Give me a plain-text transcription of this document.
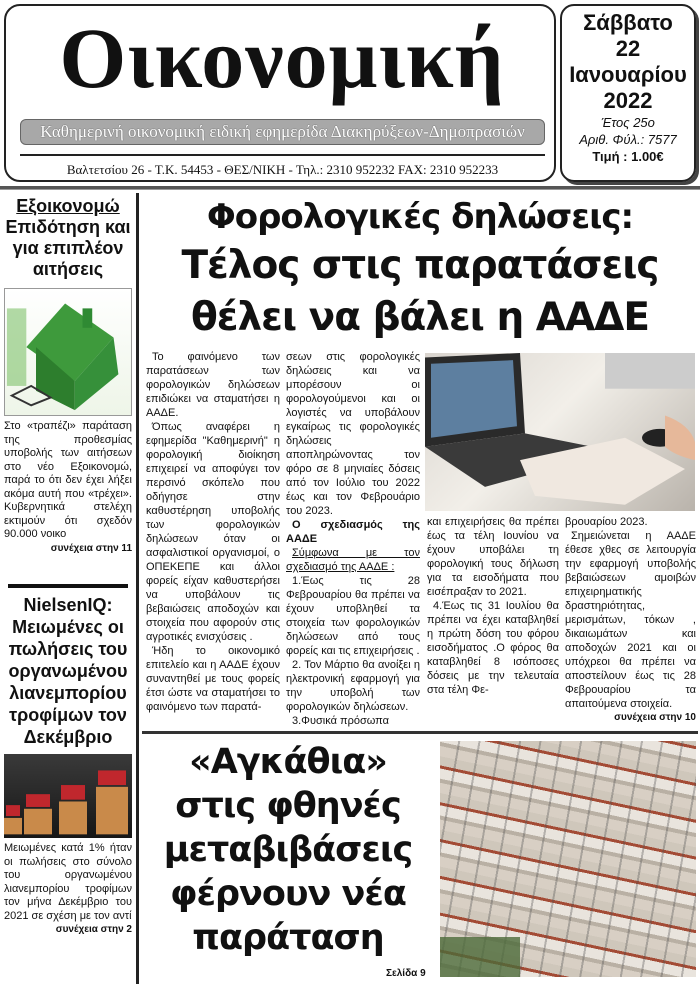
Οικονομική
Καθημερινή οικονομική ειδική εφημερίδα Διακηρύξεων-Δημοπρασιών
Βαλτετσίου 26 - Τ.Κ. 54453 - ΘΕΣ/ΝΙΚΗ - Τηλ.: 2310 952232 FAX: 2310 952233
Σάββατο
22
Ιανουαρίου
2022
Έτος 25ο
Αριθ. Φύλ.: 7577
Τιμή : 1.00€
Εξοικονομώ
Επιδότηση και για επιπλέον αιτήσεις
Στο «τραπέζι» παράταση της προθεσμίας υποβολής των αιτήσεων στο νέο Εξοικονομώ, παρά το ότι δεν έχει λήξει ακόμα αυτή που «τρέχει». Κυβερνητικά στελέχη εκτιμούν ότι σχεδόν 90.000 νοικο
συνέχεια στην 11
NielsenIQ: Μειωμένες οι πωλήσεις του οργανωμένου λιανεμπορίου τροφίμων τον Δεκέμβριο
Μειωμένες κατά 1% ήταν οι πωλήσεις στο σύνολο του οργανωμένου λιανεμπορίου τροφίμων τον μήνα Δεκέμβριο του 2021 σε σχέση με τον αντί
συνέχεια στην 2
Φορολογικές δηλώσεις:
Τέλος στις παρατάσεις
θέλει να βάλει η ΑΑΔΕ

Το φαινόμενο των παρατάσεων των φορολογικών δηλώσεων επιδιώκει να σταματήσει η ΑΑΔΕ.

Όπως αναφέρει η εφημερίδα "Καθημερινή" η φορολογική διοίκηση επιχειρεί να αποφύγει τον περσινό σκόπελο που οδήγησε στην καθυστέρηση υποβολής των φορολογικών δηλώσεων όταν οι ασφαλιστικοί οργανισμοί, ο ΟΠΕΚΕΠΕ και άλλοι φορείς είχαν καθυστερήσει να υποβάλουν τις βεβαιώσεις αποδοχών και στοιχεία που αφορούν στις αγροτικές ενισχύσεις .

Ήδη το οικονομικό επιτελείο και η ΑΑΔΕ έχουν συναντηθεί με τους φορείς έτσι ώστε να σταματήσει το φαινόμενο των παρατά-

σεων στις φορολογικές δηλώσεις και να μπορέσουν οι φορολογούμενοι και οι λογιστές να υποβάλουν εγκαίρως τις φορολογικές δηλώσεις αποπληρώνοντας τον φόρο σε 8 μηνιαίες δόσεις από τον Ιούλιο του 2022 έως και τον Φεβρουάριο του 2023.

Ο σχεδιασμός της ΑΑΔΕ

Σύμφωνα με τον σχεδιασμό της ΑΑΔΕ :

1.Έως τις 28 Φεβρουαρίου θα πρέπει να έχουν υποβληθεί τα στοιχεία των φορολογικών δηλώσεων από τους φορείς και τις επιχειρήσεις .

2. Τον Μάρτιο θα ανοίξει η ηλεκτρονική εφαρμογή για την υποβολή των φορολογικών δηλώσεων.

3.Φυσικά πρόσωπα

και επιχειρήσεις θα πρέπει έως τα τέλη Ιουνίου να έχουν υποβάλει τη φορολογική τους δήλωση για τα εισοδήματα που εισέπραξαν το 2021.

4.Έως τις 31 Ιουλίου θα πρέπει να έχει καταβληθεί η πρώτη δόση του φόρου εισοδήματος .Ο φόρος θα καταβληθεί 8 ισόποσες δόσεις με την τελευταία στα τέλη Φε-

βρουαρίου 2023.

Σημειώνεται η ΑΑΔΕ έθεσε χθες σε λειτουργία την εφαρμογή υποβολής βεβαιώσεων αμοιβών επιχειρηματικής δραστηριότητας, μερισμάτων, τόκων , δικαιωμάτων και αποδοχών 2021 και οι υπόχρεοι θα πρέπει να αποστείλουν έως τις 28 Φεβρουαρίου τα απαιτούμενα στοιχεία.

συνέχεια στην 10
«Αγκάθια»
στις φθηνές
μεταβιβάσεις
φέρνουν νέα
παράταση
Σελίδα 9
